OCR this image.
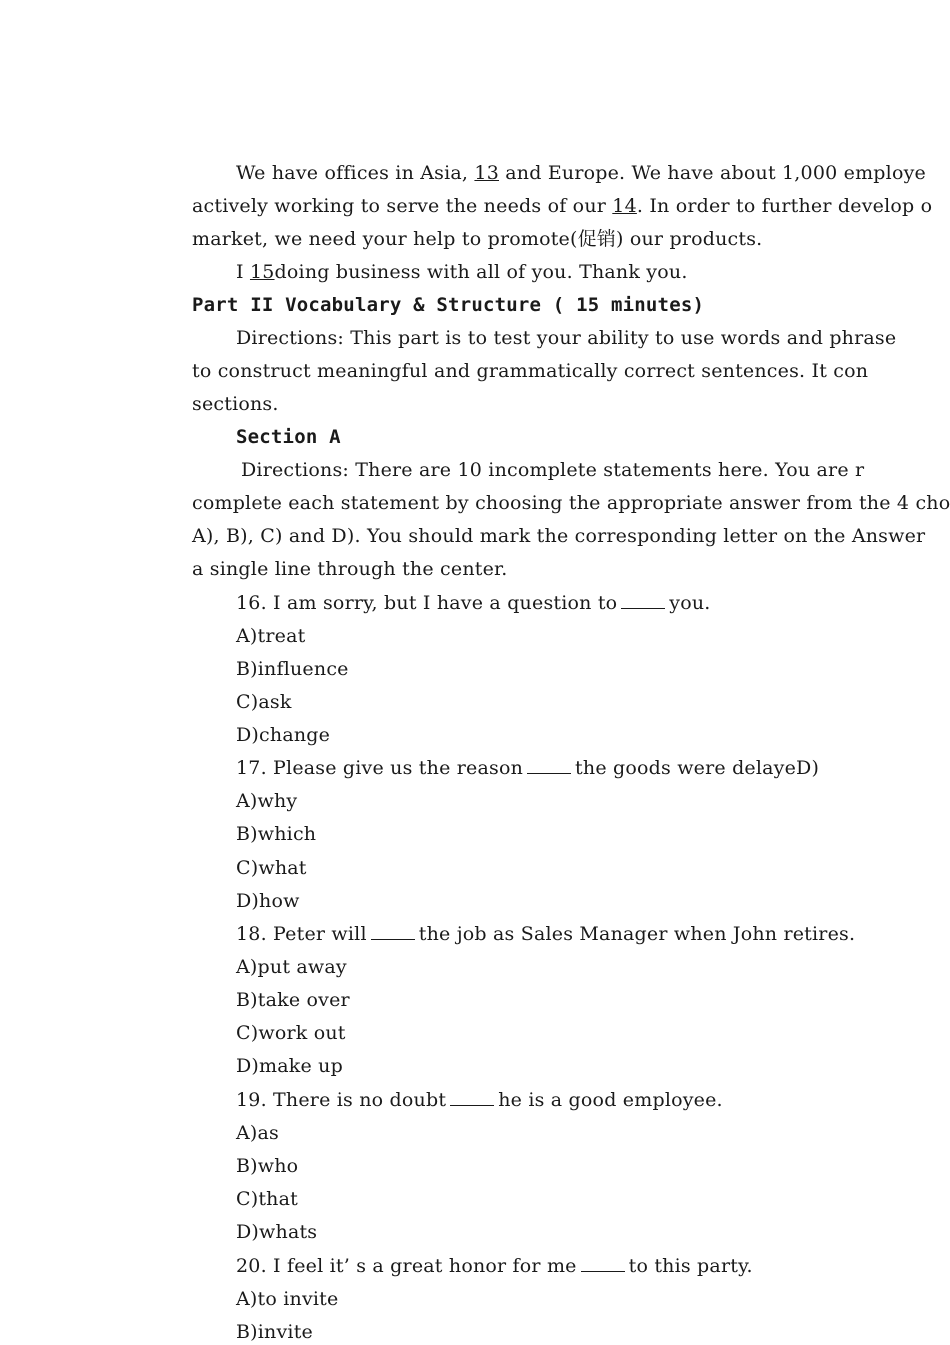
We have offices in Asia, 13 and Europe. We have about 1,000 employe
actively working to serve the needs of our 14. In order to further develop o
market, we need your help to promote(促销) our products.
I 15doing business with all of you. Thank you.
Part II Vocabulary & Structure ( 15 minutes)
Directions: This part is to test your ability to use words and phrase
to construct meaningful and grammatically correct sentences. It con
sections.
Section A
Directions: There are 10 incomplete statements here. You are r
complete each statement by choosing the appropriate answer from the 4 cho
A), B), C) and D). You should mark the corresponding letter on the Answer
a single line through the center.
16. I am sorry, but I have a question to	you.
A)treat
B)influence
C)ask
D)change
17. Please give us the reason	the goods were delayeD)
A)why
B)which
C)what
D)how
18. Peter will	the job as Sales Manager when John retires.
A)put away
B)take over
C)work out
D)make up
19. There is no doubt	he is a good employee.
A)as
B)who
C)that
D)whats
20. I feel it’ s a great honor for me	to this party.
A)to invite
B)invite
